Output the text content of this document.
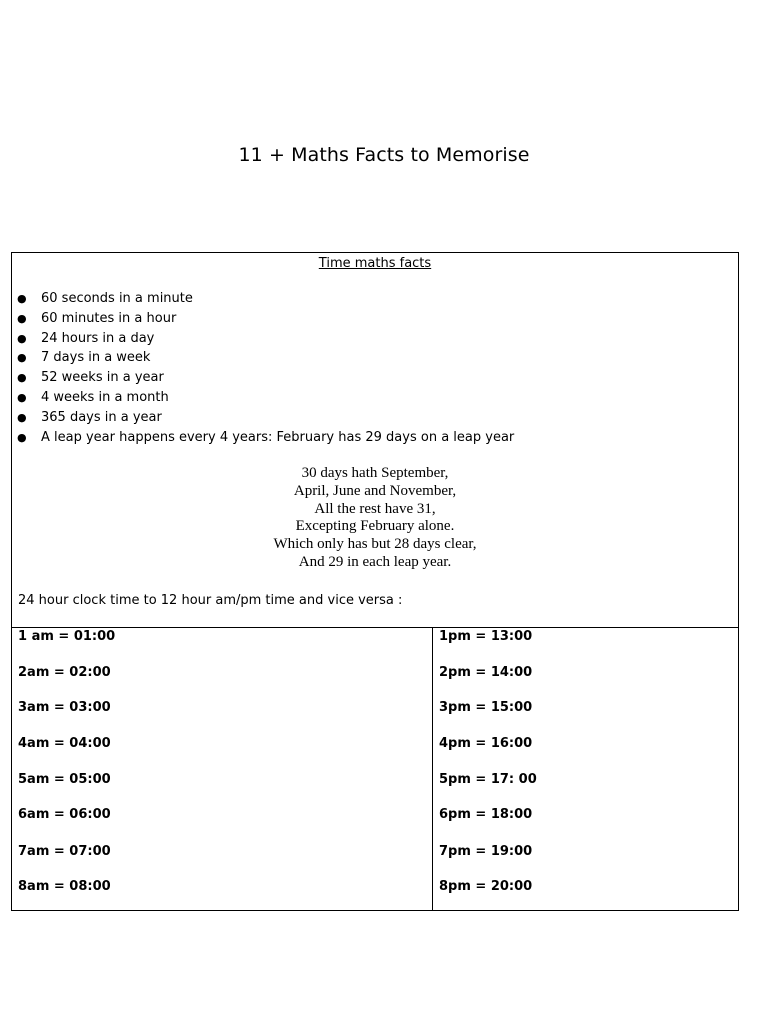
11 + Maths Facts to Memorise
Time maths facts
● 60 seconds in a minute
● 60 minutes in a hour
● 24 hours in a day
● 7 days in a week
● 52 weeks in a year
● 4 weeks in a month
● 365 days in a year
● A leap year happens every 4 years: February has 29 days on a leap year
30 days hath September,
April, June and November,
All the rest have 31,
Excepting February alone.
Which only has but 28 days clear,
And 29 in each leap year.
24 hour clock time to 12 hour am/pm time and vice versa :
1 am = 01:00
2am = 02:00
3am = 03:00
4am = 04:00
5am = 05:00
6am = 06:00
7am = 07:00
8am = 08:00
1pm = 13:00
2pm = 14:00
3pm = 15:00
4pm = 16:00
5pm = 17: 00
6pm = 18:00
7pm = 19:00
8pm = 20:00
